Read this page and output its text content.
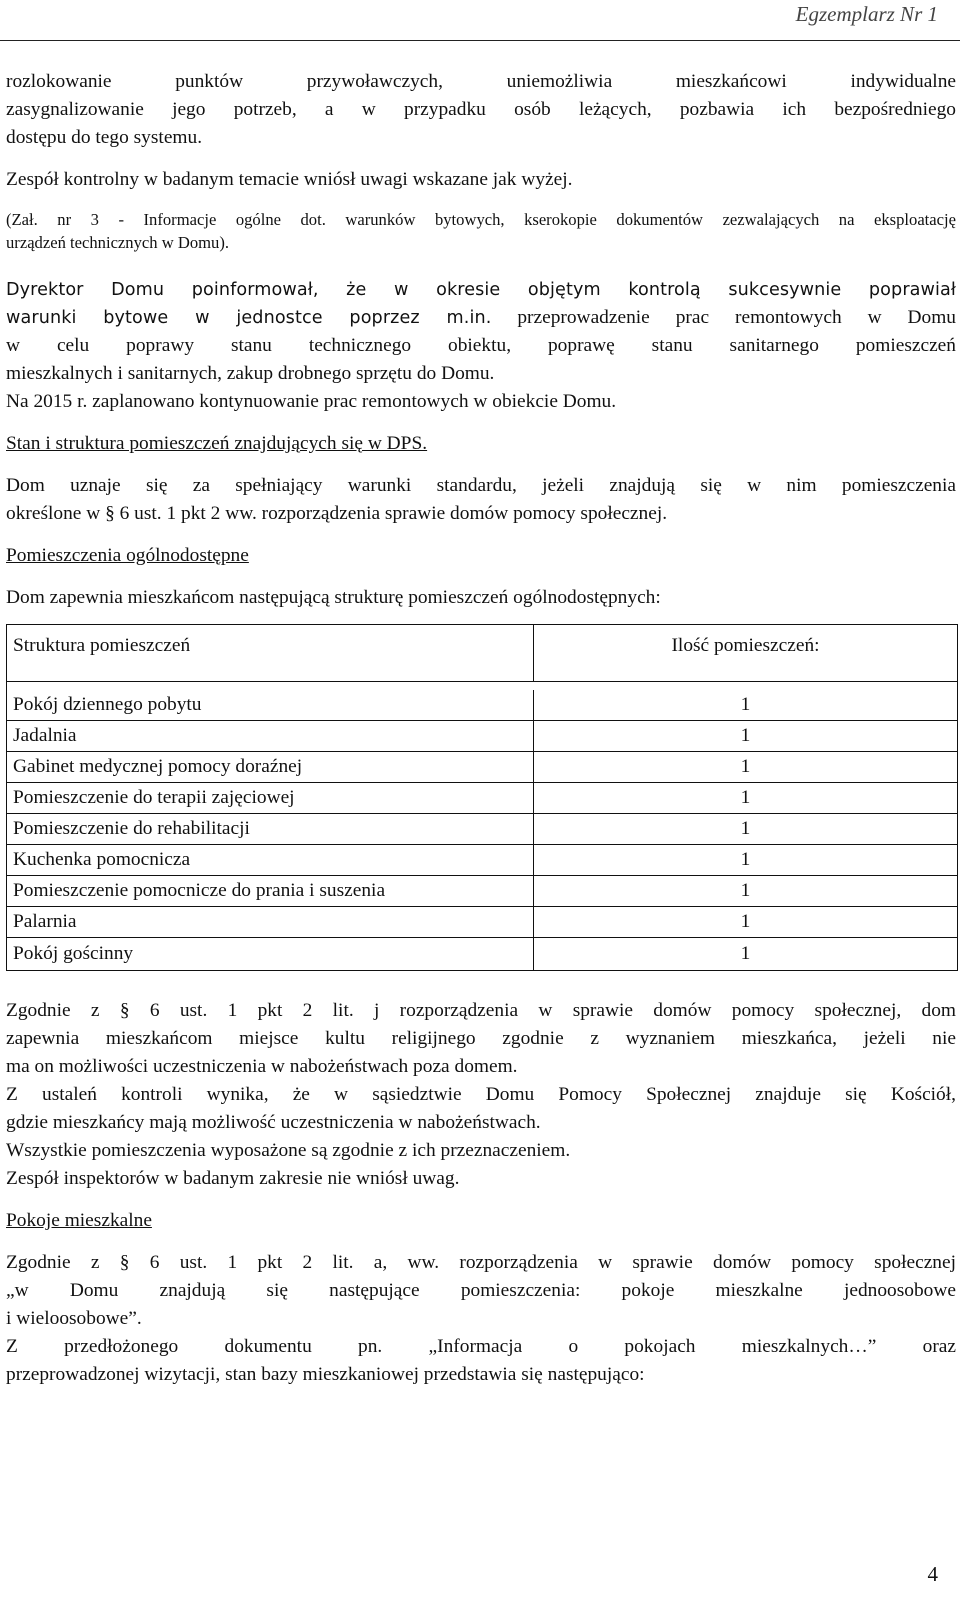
Egzemplarz Nr 1

rozlokowanie punktów przywoławczych, uniemożliwia mieszkańcowi indywidualne

zasygnalizowanie jego potrzeb, a w przypadku osób leżących, pozbawia ich bezpośredniego

dostępu do tego systemu.

Zespół kontrolny w badanym temacie wniósł uwagi wskazane jak wyżej.

(Zał. nr 3 - Informacje ogólne dot. warunków bytowych, kserokopie dokumentów zezwalających na eksploatację

urządzeń technicznych w Domu).

Dyrektor Domu poinformował, że w okresie objętym kontrolą sukcesywnie poprawiał

warunki bytowe w jednostce poprzez m.in. przeprowadzenie prac remontowych w Domu

w celu poprawy stanu technicznego obiektu, poprawę stanu sanitarnego pomieszczeń

mieszkalnych i sanitarnych, zakup drobnego sprzętu do Domu.

Na 2015 r. zaplanowano kontynuowanie prac remontowych w obiekcie Domu.

Stan i struktura pomieszczeń znajdujących się w DPS.

Dom uznaje się za spełniający warunki standardu, jeżeli znajdują się w nim pomieszczenia

określone w § 6 ust. 1 pkt 2 ww. rozporządzenia sprawie domów pomocy społecznej.

Pomieszczenia ogólnodostępne

Dom zapewnia mieszkańcom następującą strukturę pomieszczeń ogólnodostępnych:

Struktura pomieszczeń	Ilość pomieszczeń:
Pokój dziennego pobytu	1
Jadalnia	1
Gabinet medycznej pomocy doraźnej	1
Pomieszczenie do terapii zajęciowej	1
Pomieszczenie do rehabilitacji	1
Kuchenka pomocnicza	1
Pomieszczenie pomocnicze do prania i suszenia	1
Palarnia	1
Pokój gościnny	1

Zgodnie z § 6 ust. 1 pkt 2 lit. j rozporządzenia w sprawie domów pomocy społecznej, dom

zapewnia mieszkańcom miejsce kultu religijnego zgodnie z wyznaniem mieszkańca, jeżeli nie

ma on możliwości uczestniczenia w nabożeństwach poza domem.

Z ustaleń kontroli wynika, że w sąsiedztwie Domu Pomocy Społecznej znajduje się Kościół,

gdzie mieszkańcy mają możliwość uczestniczenia w nabożeństwach.

Wszystkie pomieszczenia wyposażone są zgodnie z ich przeznaczeniem.

Zespół inspektorów w badanym zakresie nie wniósł uwag.

Pokoje mieszkalne

Zgodnie z § 6 ust. 1 pkt 2 lit. a, ww. rozporządzenia w sprawie domów pomocy społecznej

„w Domu znajdują się następujące pomieszczenia: pokoje mieszkalne jednoosobowe

i wieloosobowe”.

Z przedłożonego dokumentu pn. „Informacja o pokojach mieszkalnych…” oraz

przeprowadzonej wizytacji, stan bazy mieszkaniowej przedstawia się następująco:

4
